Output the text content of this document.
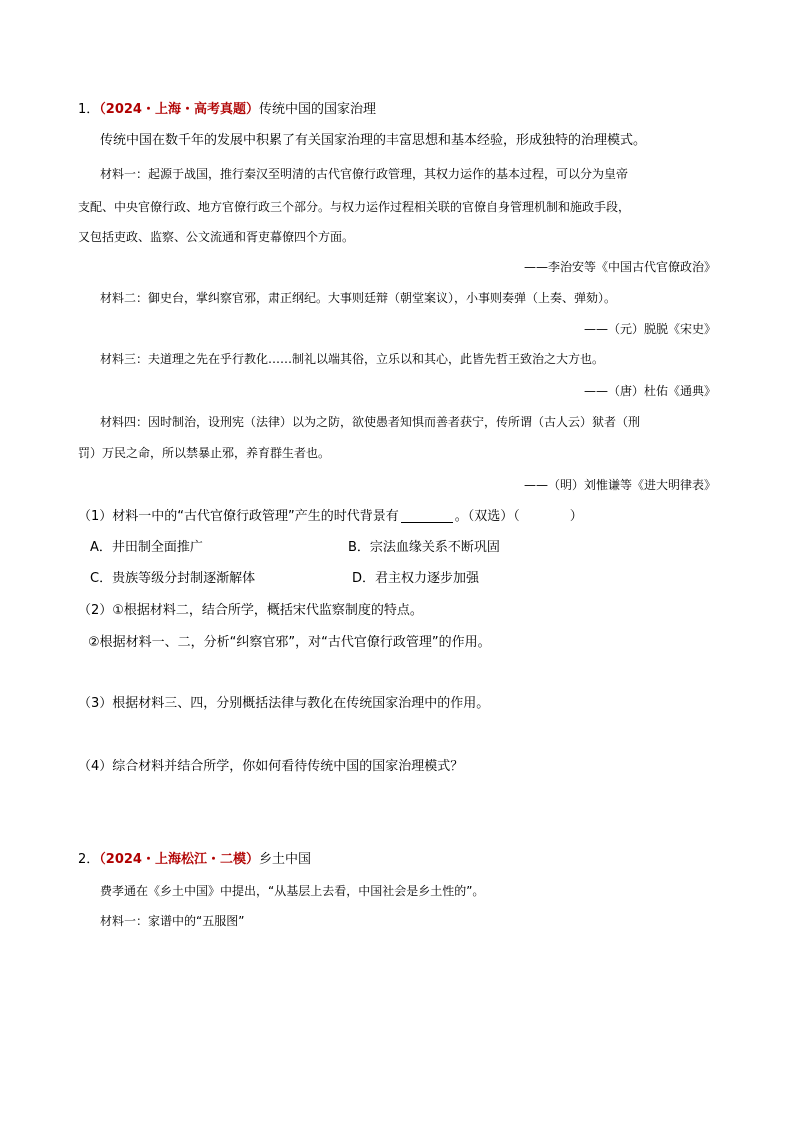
1．（2024・上海・高考真题）传统中国的国家治理
传统中国在数千年的发展中积累了有关国家治理的丰富思想和基本经验，形成独特的治理模式。
材料一：起源于战国，推行秦汉至明清的古代官僚行政管理，其权力运作的基本过程，可以分为皇帝
支配、中央官僚行政、地方官僚行政三个部分。与权力运作过程相关联的官僚自身管理机制和施政手段，
又包括吏政、监察、公文流通和胥吏幕僚四个方面。
——李治安等《中国古代官僚政治》
材料二：御史台，掌纠察官邪，肃正纲纪。大事则廷辩（朝堂案议），小事则奏弹（上奏、弹劾）。
——（元）脱脱《宋史》
材料三：夫道理之先在乎行教化……制礼以端其俗，立乐以和其心，此皆先哲王致治之大方也。
——（唐）杜佑《通典》
材料四：因时制治，设刑宪（法律）以为之防，欲使愚者知惧而善者获宁，传所谓（古人云）狱者（刑
罚）万民之命，所以禁暴止邪，养育群生者也。
——（明）刘惟谦等《进大明律表》
（1）材料一中的“古代官僚行政管理”产生的时代背景有	。（双选）（	）
A．井田制全面推广	B．宗法血缘关系不断巩固
C．贵族等级分封制逐渐解体	D．君主权力逐步加强
（2）①根据材料二，结合所学，概括宋代监察制度的特点。
②根据材料一、二，分析“纠察官邪”，对“古代官僚行政管理”的作用。
（3）根据材料三、四，分别概括法律与教化在传统国家治理中的作用。
（4）综合材料并结合所学，你如何看待传统中国的国家治理模式？
2．（2024・上海松江・二模）乡土中国
费孝通在《乡土中国》中提出，“从基层上去看，中国社会是乡土性的”。
材料一：家谱中的“五服图”
